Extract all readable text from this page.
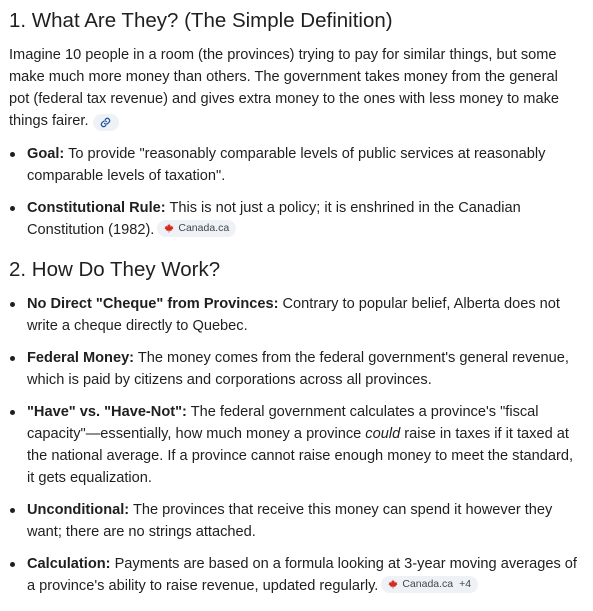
1. What Are They? (The Simple Definition)

Imagine 10 people in a room (the provinces) trying to pay for similar things, but some make much more money than others. The government takes money from the general pot (federal tax revenue) and gives extra money to the ones with less money to make things fairer.

Goal: To provide "reasonably comparable levels of public services at reasonably comparable levels of taxation".
Constitutional Rule: This is not just a policy; it is enshrined in the Canadian Constitution (1982). Canada.ca
2. How Do They Work?
No Direct "Cheque" from Provinces: Contrary to popular belief, Alberta does not write a cheque directly to Quebec.
Federal Money: The money comes from the federal government's general revenue, which is paid by citizens and corporations across all provinces.
"Have" vs. "Have-Not": The federal government calculates a province's "fiscal capacity"—essentially, how much money a province could raise in taxes if it taxed at the national average. If a province cannot raise enough money to meet the standard, it gets equalization.
Unconditional: The provinces that receive this money can spend it however they want; there are no strings attached.
Calculation: Payments are based on a formula looking at 3-year moving averages of a province's ability to raise revenue, updated regularly. Canada.ca +4
